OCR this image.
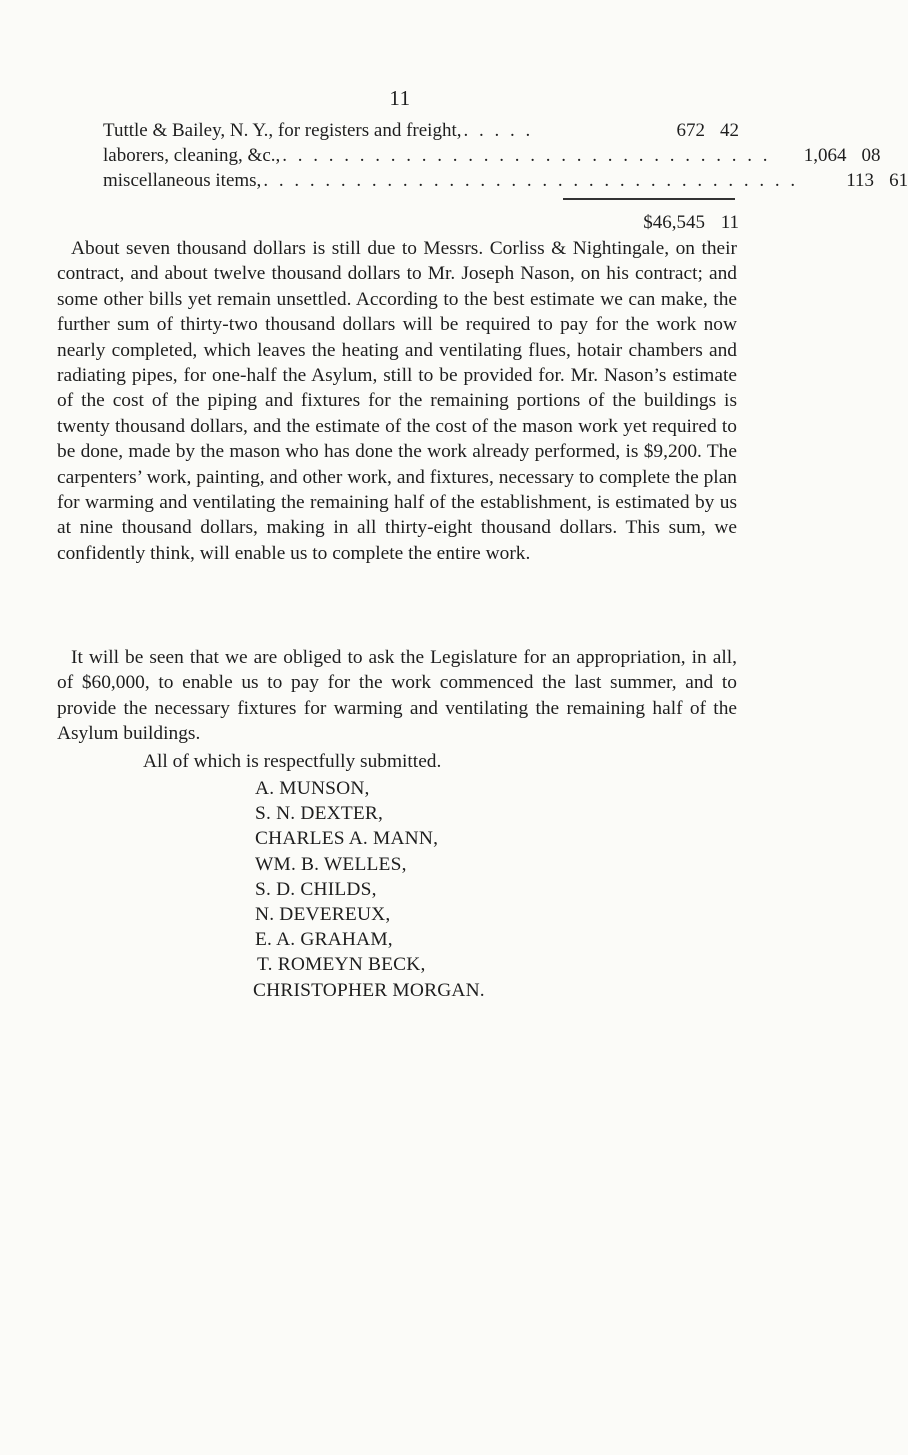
11
Tuttle & Bailey, N. Y., for registers and freight, . . . . .	672 42
laborers, cleaning, &c., . . . . . . . . . . . . . . . . . . . . . . . . . . . . . . . .	1,064 08
miscellaneous items, . . . . . . . . . . . . . . . . . . . . . . . . . . . . . . . . . . .	113 61
$46,545 11

About seven thousand dollars is still due to Messrs. Corliss & Nightingale, on their contract, and about twelve thousand dollars to Mr. Joseph Nason, on his contract; and some other bills yet remain unsettled. According to the best estimate we can make, the further sum of thirty-two thousand dollars will be required to pay for the work now nearly completed, which leaves the heating and ventilating flues, hotair chambers and radiating pipes, for one-half the Asylum, still to be provided for. Mr. Nason’s estimate of the cost of the piping and fixtures for the remaining portions of the buildings is twenty thousand dollars, and the estimate of the cost of the mason work yet required to be done, made by the mason who has done the work already performed, is $9,200. The carpenters’ work, painting, and other work, and fixtures, necessary to complete the plan for warming and ventilating the remaining half of the establishment, is estimated by us at nine thousand dollars, making in all thirty-eight thousand dollars. This sum, we confidently think, will enable us to complete the entire work.

It will be seen that we are obliged to ask the Legislature for an appropriation, in all, of $60,000, to enable us to pay for the work commenced the last summer, and to provide the necessary fixtures for warming and ventilating the remaining half of the Asylum buildings.

All of which is respectfully submitted.
A. MUNSON,
S. N. DEXTER,
CHARLES A. MANN,
WM. B. WELLES,
S. D. CHILDS,
N. DEVEREUX,
E. A. GRAHAM,
T. ROMEYN BECK,
CHRISTOPHER MORGAN.
